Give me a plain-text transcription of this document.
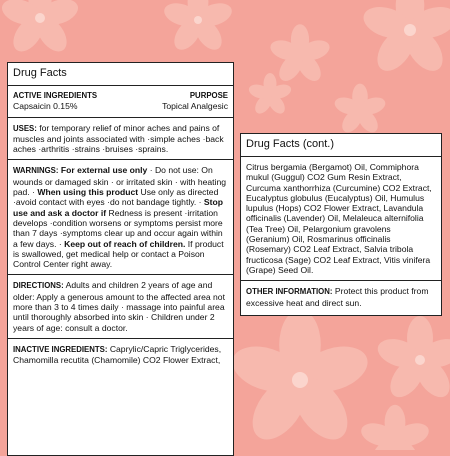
Drug Facts
ACTIVE INGREDIENTS	PURPOSE
Capsaicin 0.15%	Topical Analgesic
USES: for temporary relief of minor aches and pains of muscles and joints associated with ·simple aches ·back aches ·arthritis ·strains ·bruises ·sprains.
WARNINGS: For external use only · Do not use: On wounds or damaged skin · or irritated skin · with heating pad. · When using this product Use only as directed ·avoid contact with eyes ·do not bandage tightly. · Stop use and ask a doctor if Redness is present ·irritation develops ·condition worsens or symptoms persist more than 7 days ·symptoms clear up and occur again within a few days. · Keep out of reach of children. If product is swallowed, get medical help or contact a Poison Control Center right away.
DIRECTIONS: Adults and children 2 years of age and older: Apply a generous amount to the affected area not more than 3 to 4 times daily · massage into painful area until thoroughly absorbed into skin · Children under 2 years of age: consult a doctor.
INACTIVE INGREDIENTS: Caprylic/Capric Triglycerides, Chamomilla recutita (Chamomile) CO2 Flower Extract,
Drug Facts (cont.)
Citrus bergamia (Bergamot) Oil, Commiphora mukul (Guggul) CO2 Gum Resin Extract, Curcuma xanthorrhiza (Curcumine) CO2 Extract, Eucalyptus globulus (Eucalyptus) Oil, Humulus lupulus (Hops) CO2 Flower Extract, Lavandula officinalis (Lavender) Oil, Melaleuca alternifolia (Tea Tree) Oil, Pelargonium gravolens (Geranium) Oil, Rosmarinus officinalis (Rosemary) CO2 Leaf Extract, Salvia tribola fructicosa (Sage) CO2 Leaf Extract, Vitis vinifera (Grape) Seed Oil.
OTHER INFORMATION: Protect this product from excessive heat and direct sun.
